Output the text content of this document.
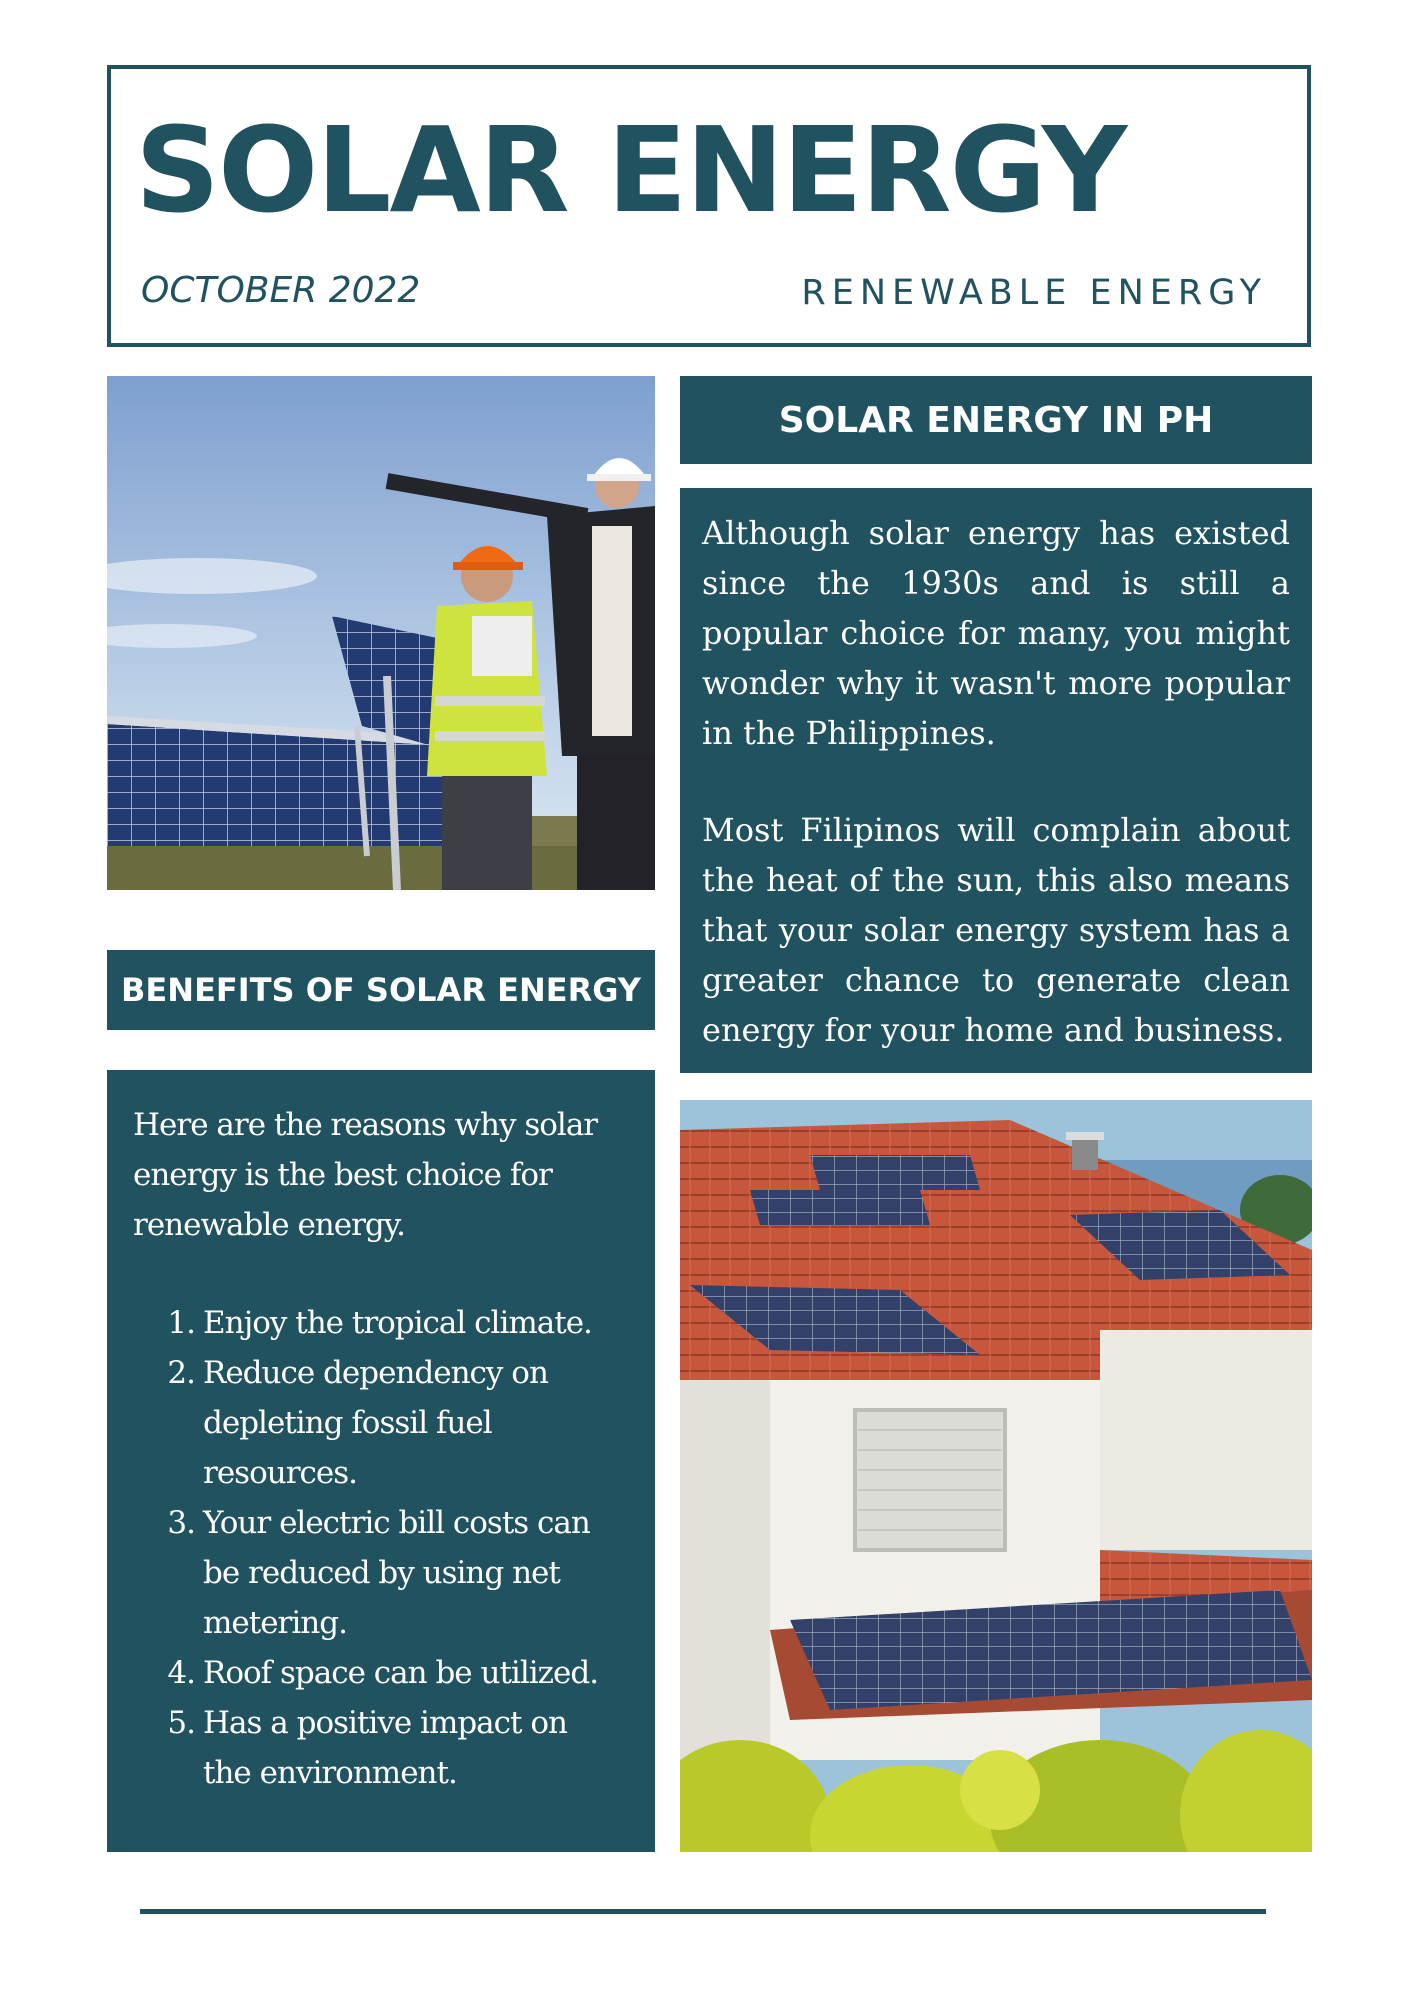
SOLAR ENERGY
OCTOBER 2022	RENEWABLE ENERGY
SOLAR ENERGY IN PH

Although solar energy has existed since the 1930s and is still a popular choice for many, you might wonder why it wasn't more popular in the Philippines.

Most Filipinos will complain about the heat of the sun, this also means that your solar energy system has a greater chance to generate clean energy for your home and business.

BENEFITS OF SOLAR ENERGY

Here are the reasons why solar energy is the best choice for renewable energy.

1. Enjoy the tropical climate.
2. Reduce dependency on depleting fossil fuel resources.
3. Your electric bill costs can be reduced by using net metering.
4. Roof space can be utilized.
5. Has a positive impact on the environment.
